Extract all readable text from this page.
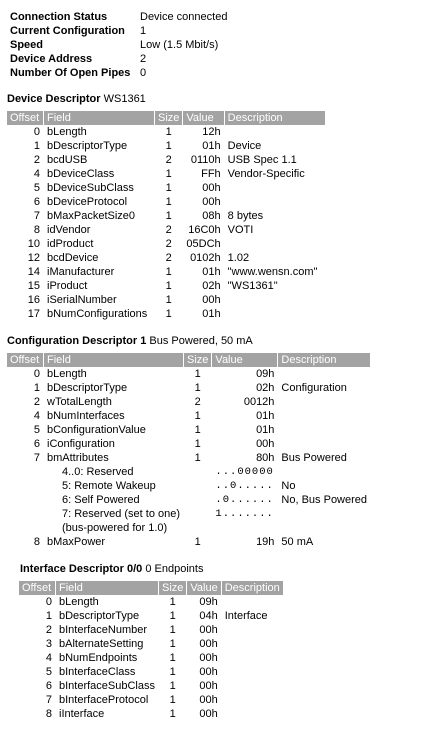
Connection Status	Device connected
Current Configuration	1
Speed	Low (1.5 Mbit/s)
Device Address	2
Number Of Open Pipes	0
Device Descriptor WS1361
Offset	Field	Size	Value	Description
0	bLength	1	12h	
1	bDescriptorType	1	01h	Device
2	bcdUSB	2	0110h	USB Spec 1.1
4	bDeviceClass	1	FFh	Vendor-Specific
5	bDeviceSubClass	1	00h	
6	bDeviceProtocol	1	00h	
7	bMaxPacketSize0	1	08h	8 bytes
8	idVendor	2	16C0h	VOTI
10	idProduct	2	05DCh	
12	bcdDevice	2	0102h	1.02
14	iManufacturer	1	01h	"www.wensn.com"
15	iProduct	1	02h	"WS1361"
16	iSerialNumber	1	00h	
17	bNumConfigurations	1	01h	
Configuration Descriptor 1 Bus Powered, 50 mA
Offset	Field	Size	Value	Description
0	bLength	1	09h	
1	bDescriptorType	1	02h	Configuration
2	wTotalLength	2	0012h	
4	bNumInterfaces	1	01h	
5	bConfigurationValue	1	01h	
6	iConfiguration	1	00h	
7	bmAttributes	1	80h	Bus Powered
	4..0: Reserved		...00000	
	5: Remote Wakeup		..0.....	No
	6: Self Powered		.0......	No, Bus Powered
	7: Reserved (set to one)		1.......	
	(bus-powered for 1.0)			
8	bMaxPower	1	19h	50 mA
Interface Descriptor 0/0 0 Endpoints
Offset	Field	Size	Value	Description
0	bLength	1	09h	
1	bDescriptorType	1	04h	Interface
2	bInterfaceNumber	1	00h	
3	bAlternateSetting	1	00h	
4	bNumEndpoints	1	00h	
5	bInterfaceClass	1	00h	
6	bInterfaceSubClass	1	00h	
7	bInterfaceProtocol	1	00h	
8	iInterface	1	00h	
